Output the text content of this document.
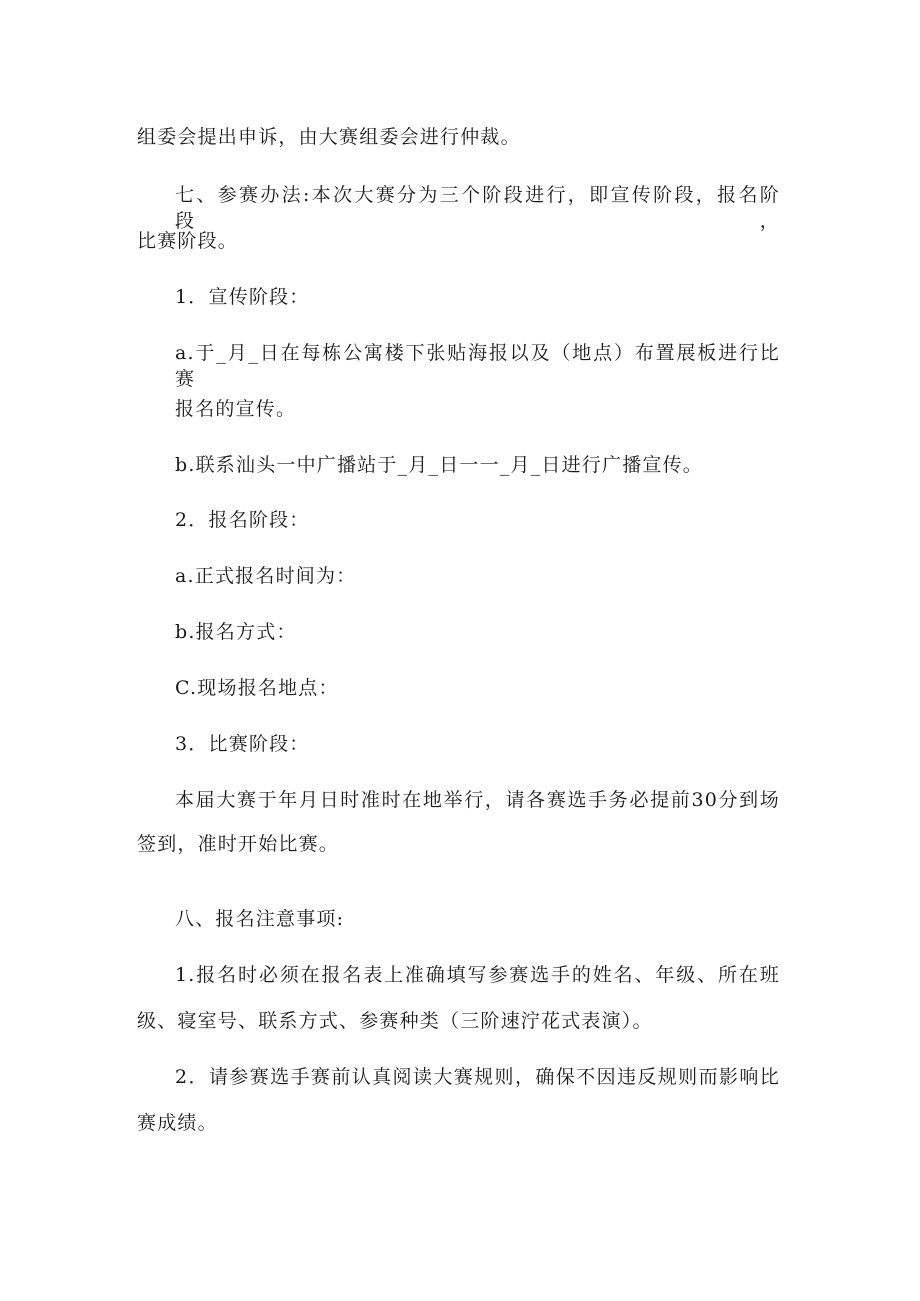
组委会提出申诉，由大赛组委会进行仲裁。
七、参赛办法:本次大赛分为三个阶段进行，即宣传阶段，报名阶段，
比赛阶段。
1．宣传阶段：
a.于_月_日在每栋公寓楼下张贴海报以及（地点）布置展板进行比赛
报名的宣传。
b.联系汕头一中广播站于_月_日一一_月_日进行广播宣传。
2．报名阶段：
a.正式报名时间为：
b.报名方式：
C.现场报名地点：
3．比赛阶段：
本届大赛于年月日时准时在地举行，请各赛选手务必提前30分到场
签到，准时开始比赛。
八、报名注意事项:
1.报名时必须在报名表上准确填写参赛选手的姓名、年级、所在班
级、寝室号、联系方式、参赛种类（三阶速泞花式表演）。
2．请参赛选手赛前认真阅读大赛规则，确保不因违反规则而影响比
赛成绩。
